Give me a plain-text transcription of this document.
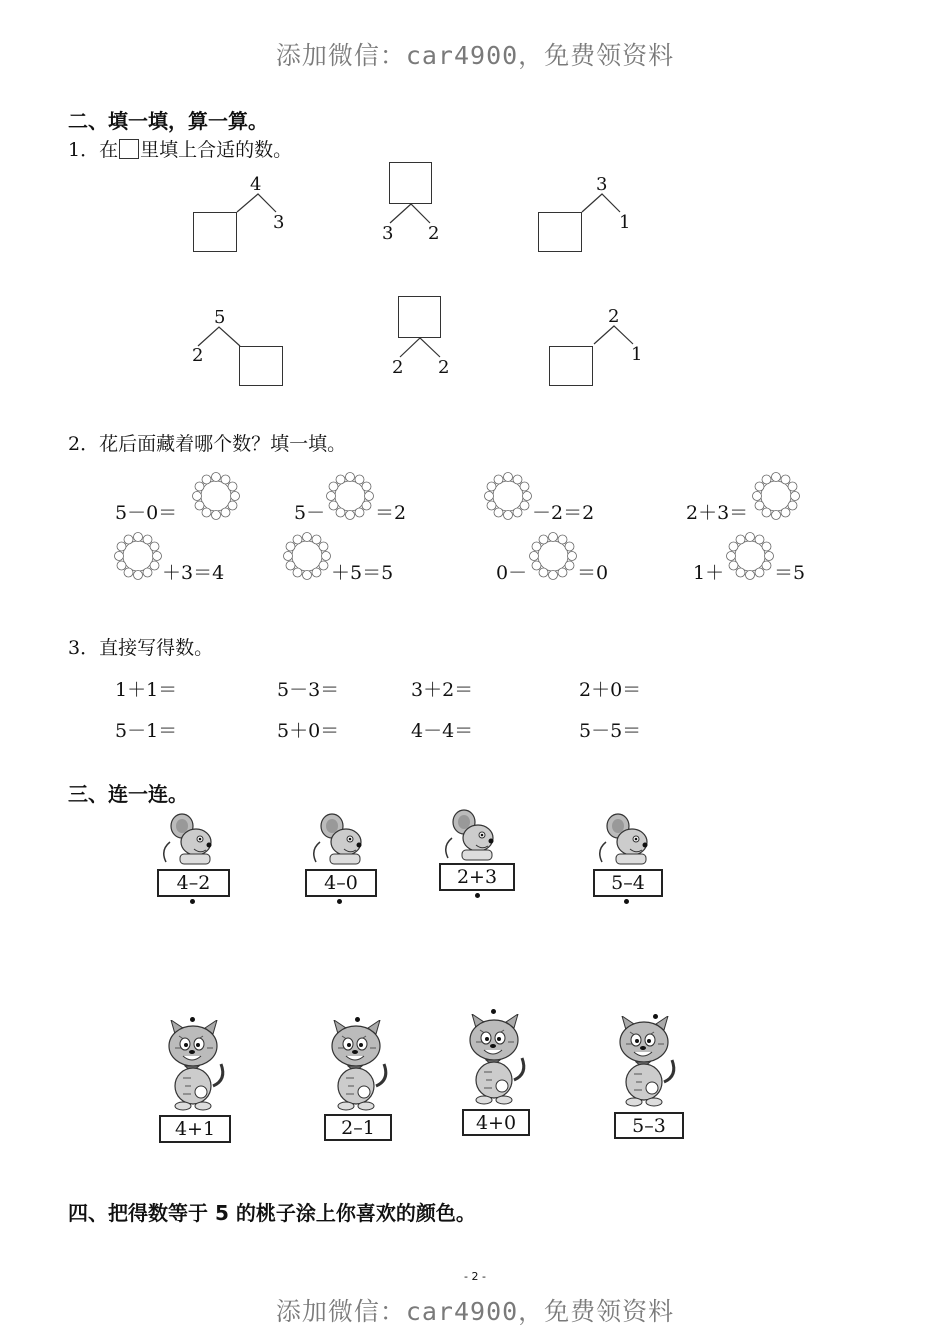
添加微信：car4900，免费领资料
添加微信：car4900，免费领资料
二、填一填，算一算。
1．在 里填上合适的数。
4
3
3 2
3
1
5
2
2 2
2
1
2．花后面藏着哪个数？填一填。
5－0＝	5－	＝2	－2＝2	2＋3＝
＋3＝4	＋5＝5	0－	＝0	1＋	＝5
3．直接写得数。
1＋1＝	5－3＝	3＋2＝	2＋0＝
5－1＝	5＋0＝	4－4＝	5－5＝
三、连一连。
4–2	4–0	2+3	5–4
4+1	2–1	4+0	5–3
四、把得数等于 5 的桃子涂上你喜欢的颜色。
- 2 -
